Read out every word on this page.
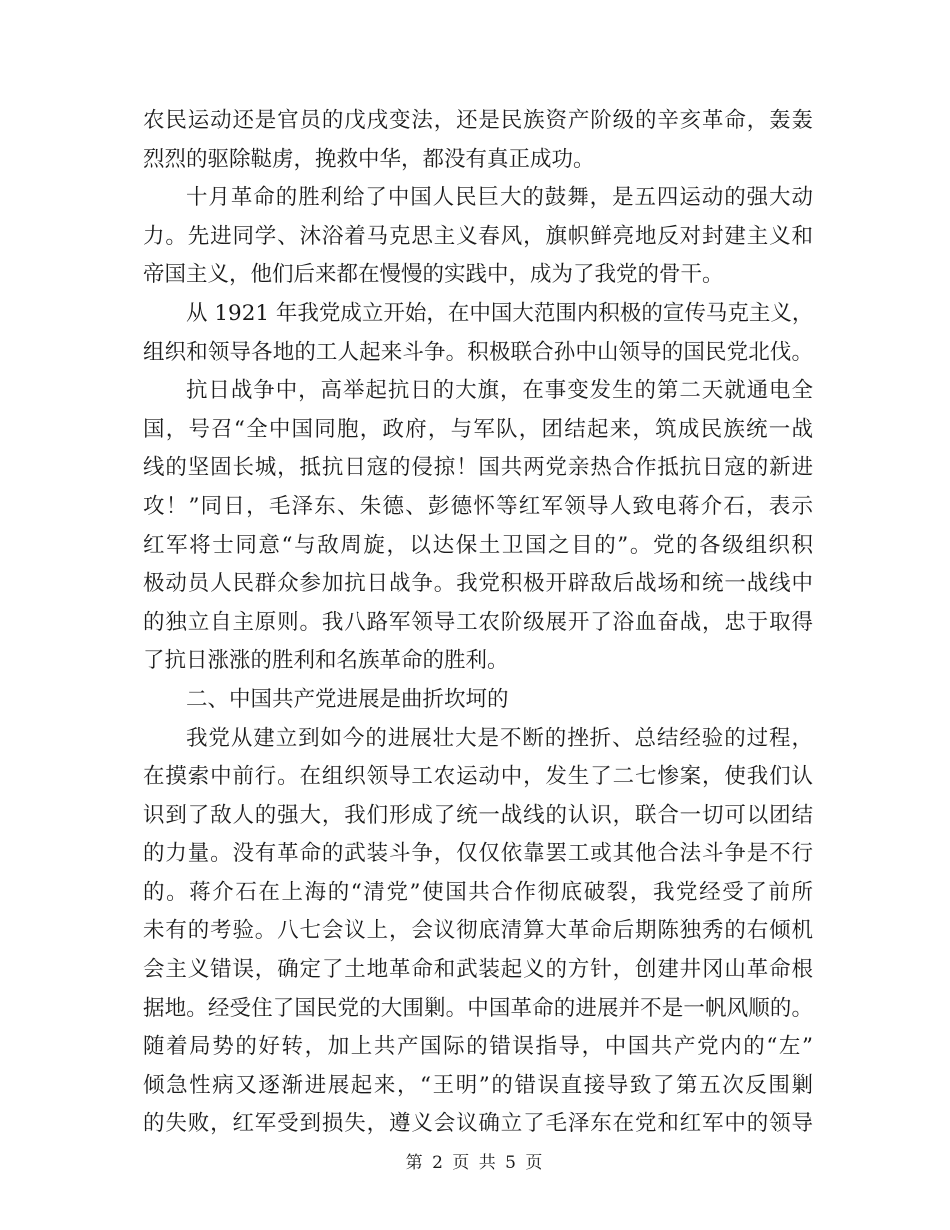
农民运动还是官员的戊戌变法，还是民族资产阶级的辛亥革命，轰轰
烈烈的驱除鞑虏，挽救中华，都没有真正成功。
十月革命的胜利给了中国人民巨大的鼓舞，是五四运动的强大动
力。先进同学、沐浴着马克思主义春风，旗帜鲜亮地反对封建主义和
帝国主义，他们后来都在慢慢的实践中，成为了我党的骨干。
从 1921 年我党成立开始，在中国大范围内积极的宣传马克主义，
组织和领导各地的工人起来斗争。积极联合孙中山领导的国民党北伐。
抗日战争中，高举起抗日的大旗，在事变发生的第二天就通电全
国，号召“全中国同胞，政府，与军队，团结起来，筑成民族统一战
线的坚固长城，抵抗日寇的侵掠！国共两党亲热合作抵抗日寇的新进
攻！”同日，毛泽东、朱德、彭德怀等红军领导人致电蒋介石，表示
红军将士同意“与敌周旋，以达保土卫国之目的”。党的各级组织积
极动员人民群众参加抗日战争。我党积极开辟敌后战场和统一战线中
的独立自主原则。我八路军领导工农阶级展开了浴血奋战，忠于取得
了抗日涨涨的胜利和名族革命的胜利。
二、中国共产党进展是曲折坎坷的
我党从建立到如今的进展壮大是不断的挫折、总结经验的过程，
在摸索中前行。在组织领导工农运动中，发生了二七惨案，使我们认
识到了敌人的强大，我们形成了统一战线的认识，联合一切可以团结
的力量。没有革命的武装斗争，仅仅依靠罢工或其他合法斗争是不行
的。蒋介石在上海的“清党”使国共合作彻底破裂，我党经受了前所
未有的考验。八七会议上，会议彻底清算大革命后期陈独秀的右倾机
会主义错误，确定了土地革命和武装起义的方针，创建井冈山革命根
据地。经受住了国民党的大围剿。中国革命的进展并不是一帆风顺的。
随着局势的好转，加上共产国际的错误指导，中国共产党内的“左”
倾急性病又逐渐进展起来，“王明”的错误直接导致了第五次反围剿
的失败，红军受到损失，遵义会议确立了毛泽东在党和红军中的领导
第 2 页 共 5 页
